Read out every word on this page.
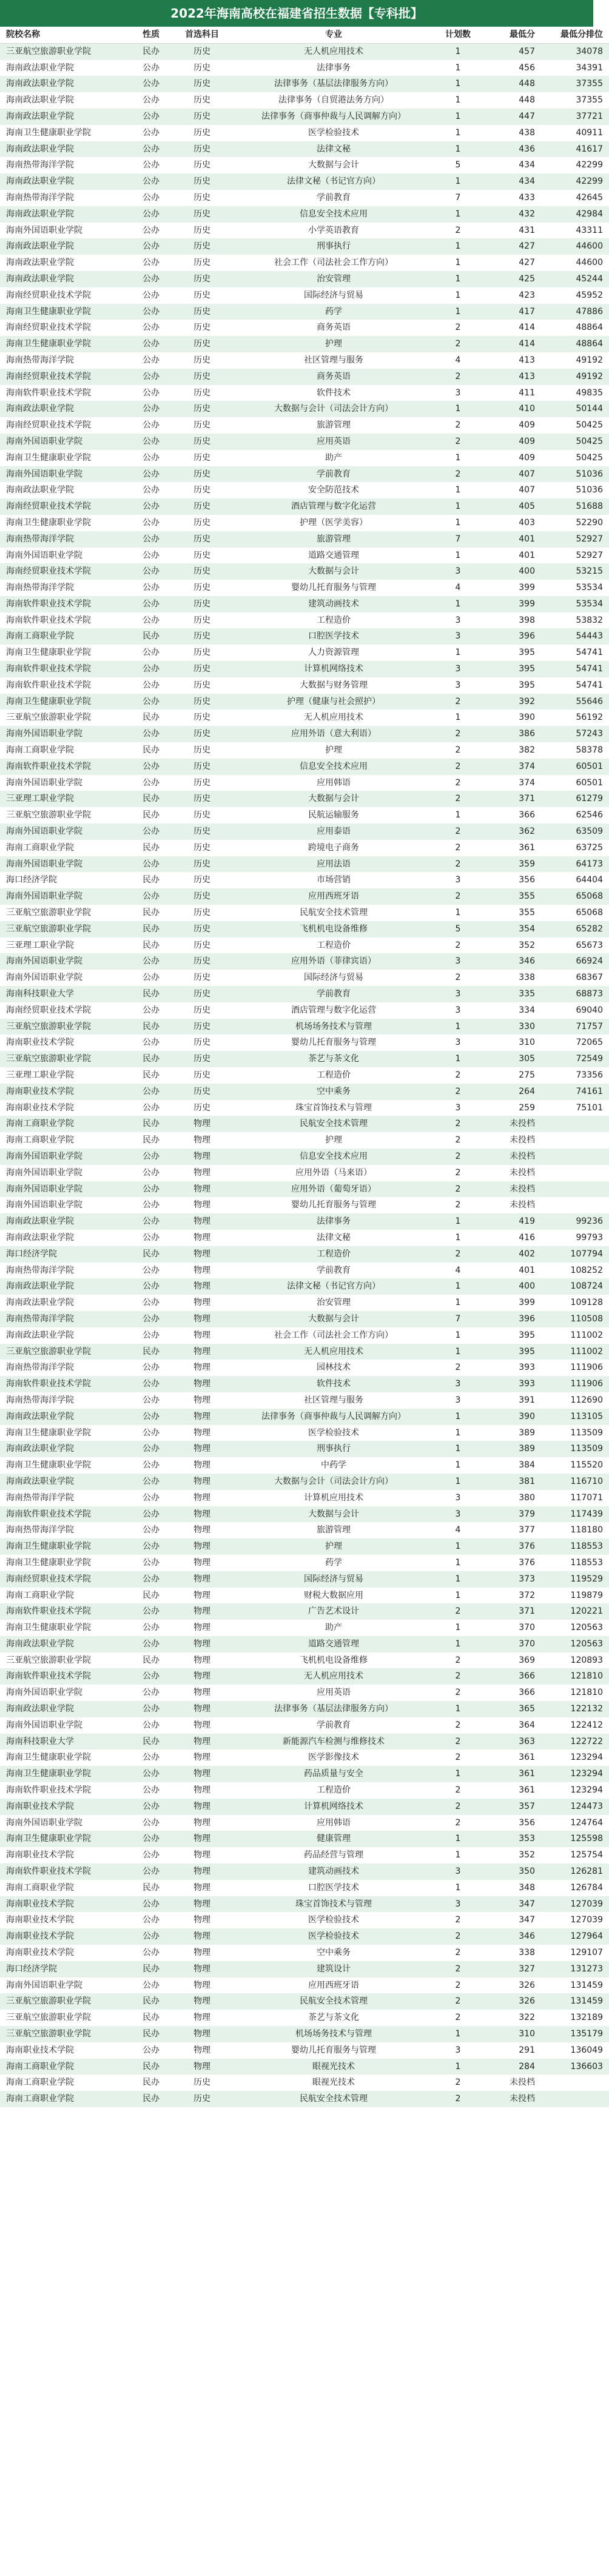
2022年海南高校在福建省招生数据【专科批】
院校名称	性质	首选科目	专业	计划数	最低分	最低分排位
三亚航空旅游职业学院	民办	历史	无人机应用技术	1	457	34078
海南政法职业学院	公办	历史	法律事务	1	456	34391
海南政法职业学院	公办	历史	法律事务（基层法律服务方向）	1	448	37355
海南政法职业学院	公办	历史	法律事务（自贸港法务方向）	1	448	37355
海南政法职业学院	公办	历史	法律事务（商事仲裁与人民调解方向）	1	447	37721
海南卫生健康职业学院	公办	历史	医学检验技术	1	438	40911
海南政法职业学院	公办	历史	法律文秘	1	436	41617
海南热带海洋学院	公办	历史	大数据与会计	5	434	42299
海南政法职业学院	公办	历史	法律文秘（书记官方向）	1	434	42299
海南热带海洋学院	公办	历史	学前教育	7	433	42645
海南政法职业学院	公办	历史	信息安全技术应用	1	432	42984
海南外国语职业学院	公办	历史	小学英语教育	2	431	43311
海南政法职业学院	公办	历史	刑事执行	1	427	44600
海南政法职业学院	公办	历史	社会工作（司法社会工作方向）	1	427	44600
海南政法职业学院	公办	历史	治安管理	1	425	45244
海南经贸职业技术学院	公办	历史	国际经济与贸易	1	423	45952
海南卫生健康职业学院	公办	历史	药学	1	417	47886
海南经贸职业技术学院	公办	历史	商务英语	2	414	48864
海南卫生健康职业学院	公办	历史	护理	2	414	48864
海南热带海洋学院	公办	历史	社区管理与服务	4	413	49192
海南经贸职业技术学院	公办	历史	商务英语	2	413	49192
海南软件职业技术学院	公办	历史	软件技术	3	411	49835
海南政法职业学院	公办	历史	大数据与会计（司法会计方向）	1	410	50144
海南经贸职业技术学院	公办	历史	旅游管理	2	409	50425
海南外国语职业学院	公办	历史	应用英语	2	409	50425
海南卫生健康职业学院	公办	历史	助产	1	409	50425
海南外国语职业学院	公办	历史	学前教育	2	407	51036
海南政法职业学院	公办	历史	安全防范技术	1	407	51036
海南经贸职业技术学院	公办	历史	酒店管理与数字化运营	1	405	51688
海南卫生健康职业学院	公办	历史	护理（医学美容）	1	403	52290
海南热带海洋学院	公办	历史	旅游管理	7	401	52927
海南外国语职业学院	公办	历史	道路交通管理	1	401	52927
海南经贸职业技术学院	公办	历史	大数据与会计	3	400	53215
海南热带海洋学院	公办	历史	婴幼儿托育服务与管理	4	399	53534
海南软件职业技术学院	公办	历史	建筑动画技术	1	399	53534
海南软件职业技术学院	公办	历史	工程造价	3	398	53832
海南工商职业学院	民办	历史	口腔医学技术	3	396	54443
海南卫生健康职业学院	公办	历史	人力资源管理	1	395	54741
海南软件职业技术学院	公办	历史	计算机网络技术	3	395	54741
海南软件职业技术学院	公办	历史	大数据与财务管理	3	395	54741
海南卫生健康职业学院	公办	历史	护理（健康与社会照护）	2	392	55646
三亚航空旅游职业学院	民办	历史	无人机应用技术	1	390	56192
海南外国语职业学院	公办	历史	应用外语（意大利语）	2	386	57243
海南工商职业学院	民办	历史	护理	2	382	58378
海南软件职业技术学院	公办	历史	信息安全技术应用	2	374	60501
海南外国语职业学院	公办	历史	应用韩语	2	374	60501
三亚理工职业学院	民办	历史	大数据与会计	2	371	61279
三亚航空旅游职业学院	民办	历史	民航运输服务	1	366	62546
海南外国语职业学院	公办	历史	应用泰语	2	362	63509
海南工商职业学院	民办	历史	跨境电子商务	2	361	63725
海南外国语职业学院	公办	历史	应用法语	2	359	64173
海口经济学院	民办	历史	市场营销	3	356	64404
海南外国语职业学院	公办	历史	应用西班牙语	2	355	65068
三亚航空旅游职业学院	民办	历史	民航安全技术管理	1	355	65068
三亚航空旅游职业学院	民办	历史	飞机机电设备维修	5	354	65282
三亚理工职业学院	民办	历史	工程造价	2	352	65673
海南外国语职业学院	公办	历史	应用外语（菲律宾语）	3	346	66924
海南外国语职业学院	公办	历史	国际经济与贸易	2	338	68367
海南科技职业大学	民办	历史	学前教育	3	335	68873
海南经贸职业技术学院	公办	历史	酒店管理与数字化运营	3	334	69040
三亚航空旅游职业学院	民办	历史	机场场务技术与管理	1	330	71757
海南职业技术学院	公办	历史	婴幼儿托育服务与管理	3	310	72065
三亚航空旅游职业学院	民办	历史	茶艺与茶文化	1	305	72549
三亚理工职业学院	民办	历史	工程造价	2	275	73356
海南职业技术学院	公办	历史	空中乘务	2	264	74161
海南职业技术学院	公办	历史	珠宝首饰技术与管理	3	259	75101
海南工商职业学院	民办	物理	民航安全技术管理	2	未投档	
海南工商职业学院	民办	物理	护理	2	未投档	
海南外国语职业学院	公办	物理	信息安全技术应用	2	未投档	
海南外国语职业学院	公办	物理	应用外语（马来语）	2	未投档	
海南外国语职业学院	公办	物理	应用外语（葡萄牙语）	2	未投档	
海南外国语职业学院	公办	物理	婴幼儿托育服务与管理	2	未投档	
海南政法职业学院	公办	物理	法律事务	1	419	99236
海南政法职业学院	公办	物理	法律文秘	1	416	99793
海口经济学院	民办	物理	工程造价	2	402	107794
海南热带海洋学院	公办	物理	学前教育	4	401	108252
海南政法职业学院	公办	物理	法律文秘（书记官方向）	1	400	108724
海南政法职业学院	公办	物理	治安管理	1	399	109128
海南热带海洋学院	公办	物理	大数据与会计	7	396	110508
海南政法职业学院	公办	物理	社会工作（司法社会工作方向）	1	395	111002
三亚航空旅游职业学院	民办	物理	无人机应用技术	1	395	111002
海南热带海洋学院	公办	物理	园林技术	2	393	111906
海南软件职业技术学院	公办	物理	软件技术	3	393	111906
海南热带海洋学院	公办	物理	社区管理与服务	3	391	112690
海南政法职业学院	公办	物理	法律事务（商事仲裁与人民调解方向）	1	390	113105
海南卫生健康职业学院	公办	物理	医学检验技术	1	389	113509
海南政法职业学院	公办	物理	刑事执行	1	389	113509
海南卫生健康职业学院	公办	物理	中药学	1	384	115520
海南政法职业学院	公办	物理	大数据与会计（司法会计方向）	1	381	116710
海南热带海洋学院	公办	物理	计算机应用技术	3	380	117071
海南软件职业技术学院	公办	物理	大数据与会计	3	379	117439
海南热带海洋学院	公办	物理	旅游管理	4	377	118180
海南卫生健康职业学院	公办	物理	护理	1	376	118553
海南卫生健康职业学院	公办	物理	药学	1	376	118553
海南经贸职业技术学院	公办	物理	国际经济与贸易	1	373	119529
海南工商职业学院	民办	物理	财税大数据应用	1	372	119879
海南软件职业技术学院	公办	物理	广告艺术设计	2	371	120221
海南卫生健康职业学院	公办	物理	助产	1	370	120563
海南政法职业学院	公办	物理	道路交通管理	1	370	120563
三亚航空旅游职业学院	民办	物理	飞机机电设备维修	2	369	120893
海南软件职业技术学院	公办	物理	无人机应用技术	2	366	121810
海南外国语职业学院	公办	物理	应用英语	2	366	121810
海南政法职业学院	公办	物理	法律事务（基层法律服务方向）	1	365	122132
海南外国语职业学院	公办	物理	学前教育	2	364	122412
海南科技职业大学	民办	物理	新能源汽车检测与维修技术	2	363	122722
海南卫生健康职业学院	公办	物理	医学影像技术	2	361	123294
海南卫生健康职业学院	公办	物理	药品质量与安全	1	361	123294
海南软件职业技术学院	公办	物理	工程造价	2	361	123294
海南职业技术学院	公办	物理	计算机网络技术	2	357	124473
海南外国语职业学院	公办	物理	应用韩语	2	356	124764
海南卫生健康职业学院	公办	物理	健康管理	1	353	125598
海南职业技术学院	公办	物理	药品经营与管理	1	352	125754
海南软件职业技术学院	公办	物理	建筑动画技术	3	350	126281
海南工商职业学院	民办	物理	口腔医学技术	1	348	126784
海南职业技术学院	公办	物理	珠宝首饰技术与管理	3	347	127039
海南职业技术学院	公办	物理	医学检验技术	2	347	127039
海南职业技术学院	公办	物理	医学检验技术	2	346	127964
海南职业技术学院	公办	物理	空中乘务	2	338	129107
海口经济学院	民办	物理	建筑设计	2	327	131273
海南外国语职业学院	公办	物理	应用西班牙语	2	326	131459
三亚航空旅游职业学院	民办	物理	民航安全技术管理	2	326	131459
三亚航空旅游职业学院	民办	物理	茶艺与茶文化	2	322	132189
三亚航空旅游职业学院	民办	物理	机场场务技术与管理	1	310	135179
海南职业技术学院	公办	物理	婴幼儿托育服务与管理	3	291	136049
海南工商职业学院	民办	物理	眼视光技术	1	284	136603
海南工商职业学院	民办	历史	眼视光技术	2	未投档	
海南工商职业学院	民办	历史	民航安全技术管理	2	未投档	
